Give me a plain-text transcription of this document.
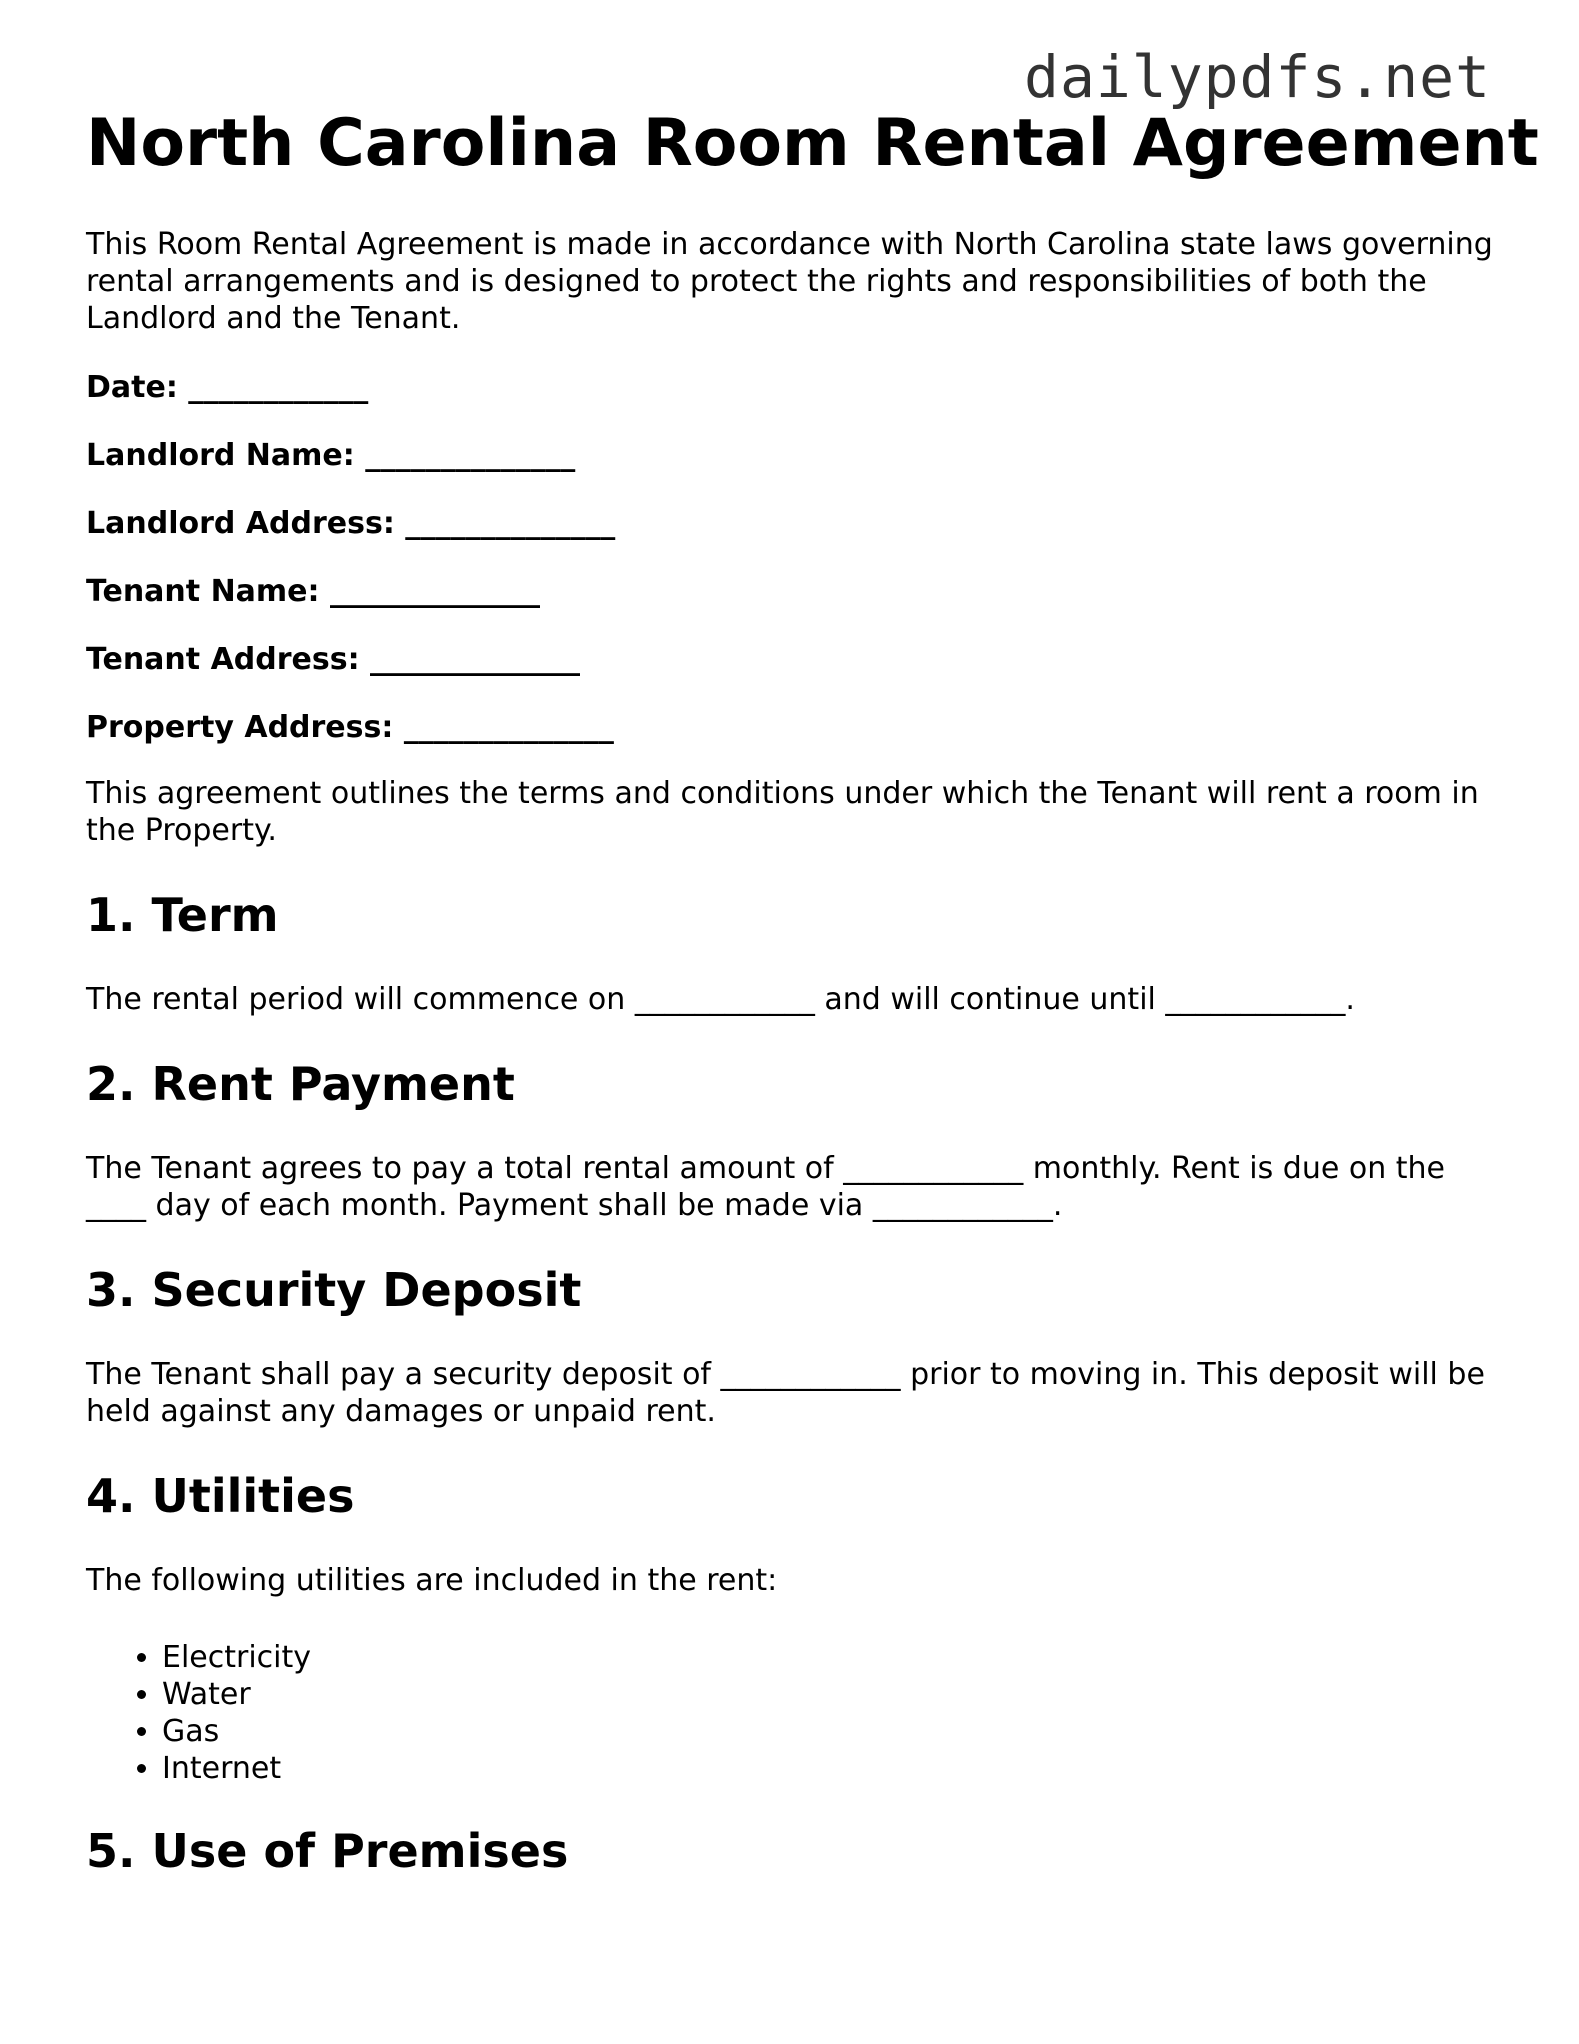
dailypdfs.net
North Carolina Room Rental Agreement

This Room Rental Agreement is made in accordance with North Carolina state laws governing rental arrangements and is designed to protect the rights and responsibilities of both the Landlord and the Tenant.

Date: ____________
Landlord Name: ______________
Landlord Address: ______________
Tenant Name: ______________
Tenant Address: ______________
Property Address: ______________

This agreement outlines the terms and conditions under which the Tenant will rent a room in the Property.

1. Term

The rental period will commence on ____________ and will continue until ____________.

2. Rent Payment

The Tenant agrees to pay a total rental amount of ____________ monthly. Rent is due on the ____ day of each month. Payment shall be made via ____________.

3. Security Deposit

The Tenant shall pay a security deposit of ____________ prior to moving in. This deposit will be held against any damages or unpaid rent.

4. Utilities

The following utilities are included in the rent:

• Electricity
• Water
• Gas
• Internet
5. Use of Premises
